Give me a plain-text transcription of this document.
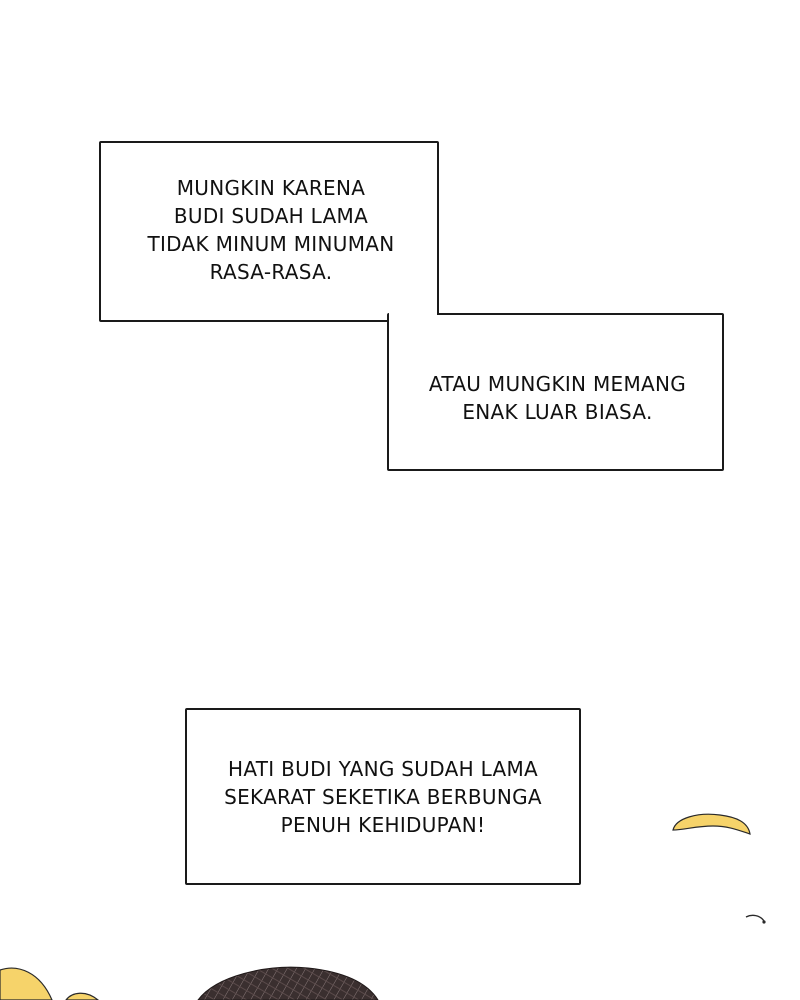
MUNGKIN KARENA
BUDI SUDAH LAMA
TIDAK MINUM MINUMAN
RASA-RASA.
ATAU MUNGKIN MEMANG
ENAK LUAR BIASA.
HATI BUDI YANG SUDAH LAMA
SEKARAT SEKETIKA BERBUNGA
PENUH KEHIDUPAN!
